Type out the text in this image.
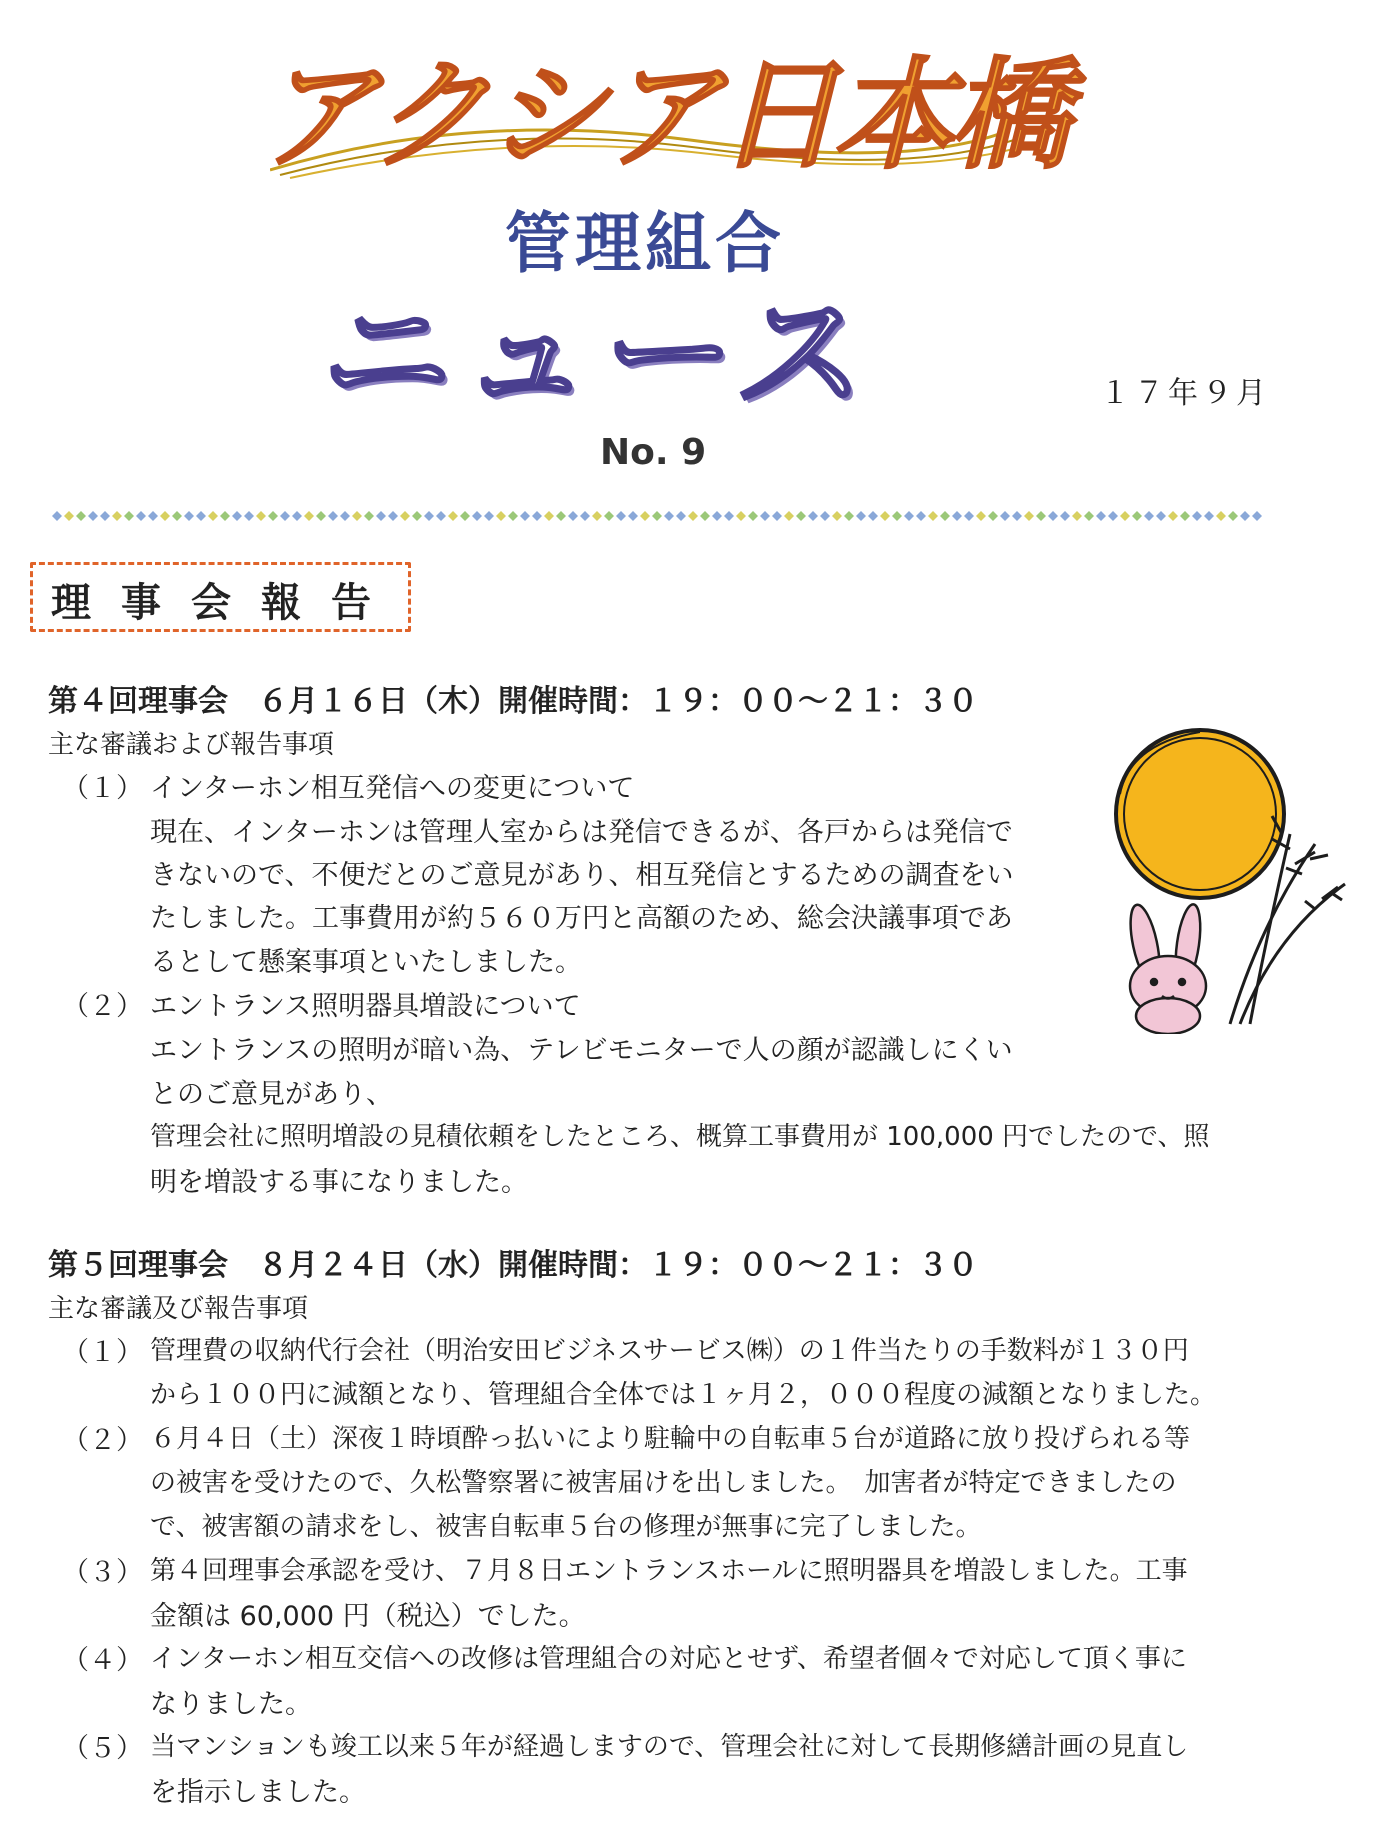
アクシア日本橋
管理組合
ニュース	１７年９月
No. 9
理事会報告
第４回理事会　 ６月１６日（木）開催時間：１９：００〜２１：３０
主な審議および報告事項
（１） インターホン相互発信への変更について
現在、インターホンは管理人室からは発信できるが、各戸からは発信で
きないので、不便だとのご意見があり、相互発信とするための調査をい
たしました。工事費用が約５６０万円と高額のため、総会決議事項であ
るとして懸案事項といたしました。
（２） エントランス照明器具増設について
エントランスの照明が暗い為、テレビモニターで人の顔が認識しにくい
とのご意見があり、
管理会社に照明増設の見積依頼をしたところ、概算工事費用が 100,000 円でしたので、照
明を増設する事になりました。
第５回理事会　 ８月２４日（水）開催時間：１９：００〜２１：３０
主な審議及び報告事項
（１） 管理費の収納代行会社（明治安田ビジネスサービス㈱）の１件当たりの手数料が１３０円
から１００円に減額となり、管理組合全体では１ヶ月２，０００程度の減額となりました。
（２） ６月４日（土）深夜１時頃酔っ払いにより駐輪中の自転車５台が道路に放り投げられる等
の被害を受けたので、久松警察署に被害届けを出しました。　加害者が特定できましたの
で、被害額の請求をし、被害自転車５台の修理が無事に完了しました。
（３） 第４回理事会承認を受け、７月８日エントランスホールに照明器具を増設しました。工事
金額は 60,000 円（税込）でした。
（４） インターホン相互交信への改修は管理組合の対応とせず、希望者個々で対応して頂く事に
なりました。
（５） 当マンションも竣工以来５年が経過しますので、管理会社に対して長期修繕計画の見直し
を指示しました。
